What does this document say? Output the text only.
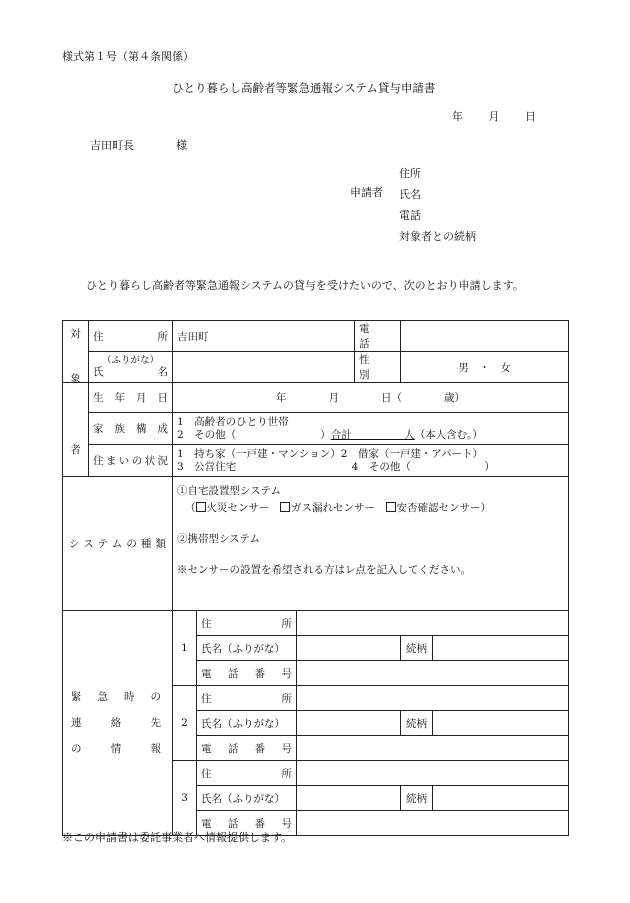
様式第１号（第４条関係）
ひとり暮らし高齢者等緊急通報システム貸与申請書
年 月 日
吉田町長	様
申請者
住所
氏名
電話
対象者との続柄
ひとり暮らし高齢者等緊急通報システムの貸与を受けたいので、次のとおり申請します。
対	住　　　所	吉田町			電　　話		

	（ふりがな）
氏　　　名				性　　別	男　・　女	

象
者	生 年 月 日	年　　　　月　　　　日（　　　　歳）					
	家 族 構 成	1　高齢者のひとり世帯
2　その他（　　　　　　　　）合計　　　　　人（本人含む。）					

	住まいの状況	1　持ち家（一戸建・マンション）2　借家（一戸建・アパート）
3　公営住宅　　　　　　　　　　　4　その他（　　　　　　　）					

システムの種類		①自宅設置型システム
（ 火災センサー　 ガス漏れセンサー　 安否確認センサー）
②携帯型システム
※センサーの設置を希望される方はレ点を記入してください。					

緊急時の
連絡先
の情報		1	住　　　　所				
			氏名（ふりがな）			続柄	
			電　話　番　号				
		2	住　　　　所				
			氏名（ふりがな）			続柄	
			電　話　番　号				
		3	住　　　　所				
			氏名（ふりがな）			続柄	
			電　話　番　号				
※この申請書は委託事業者へ情報提供します。
